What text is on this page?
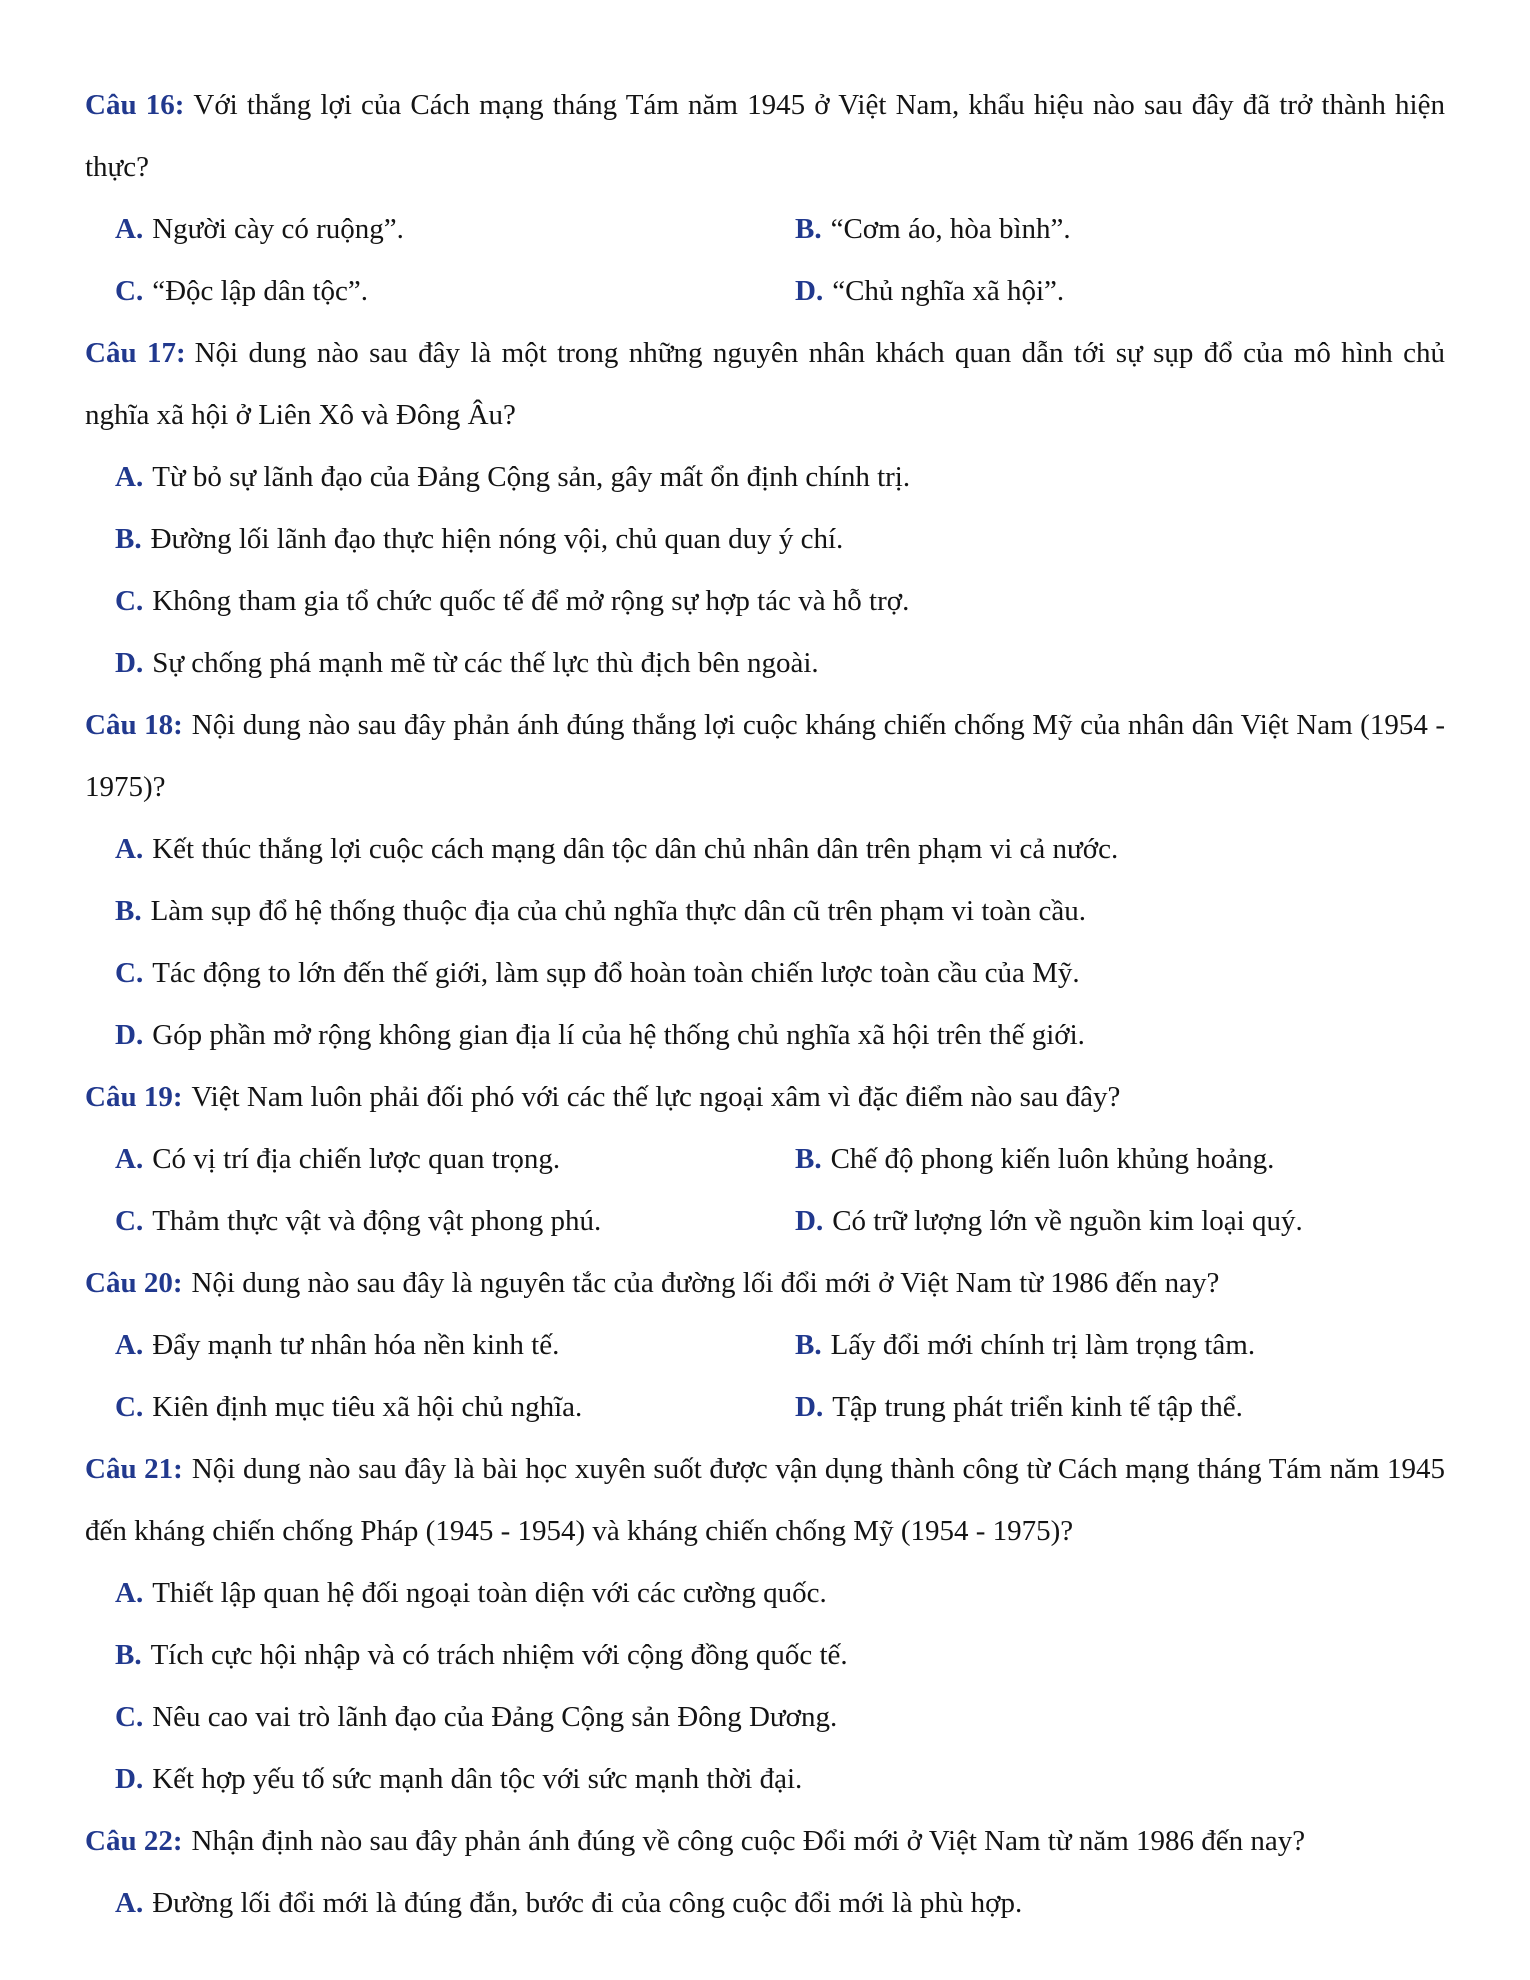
Câu 16: Với thắng lợi của Cách mạng tháng Tám năm 1945 ở Việt Nam, khẩu hiệu nào sau đây đã trở thành hiện thực?

A. Người cày có ruộng”.	B. “Cơm áo, hòa bình”.

C. “Độc lập dân tộc”.	D. “Chủ nghĩa xã hội”.

Câu 17: Nội dung nào sau đây là một trong những nguyên nhân khách quan dẫn tới sự sụp đổ của mô hình chủ nghĩa xã hội ở Liên Xô và Đông Âu?

A. Từ bỏ sự lãnh đạo của Đảng Cộng sản, gây mất ổn định chính trị.

B. Đường lối lãnh đạo thực hiện nóng vội, chủ quan duy ý chí.

C. Không tham gia tổ chức quốc tế để mở rộng sự hợp tác và hỗ trợ.

D. Sự chống phá mạnh mẽ từ các thế lực thù địch bên ngoài.

Câu 18: Nội dung nào sau đây phản ánh đúng thắng lợi cuộc kháng chiến chống Mỹ của nhân dân Việt Nam (1954 - 1975)?

A. Kết thúc thắng lợi cuộc cách mạng dân tộc dân chủ nhân dân trên phạm vi cả nước.

B. Làm sụp đổ hệ thống thuộc địa của chủ nghĩa thực dân cũ trên phạm vi toàn cầu.

C. Tác động to lớn đến thế giới, làm sụp đổ hoàn toàn chiến lược toàn cầu của Mỹ.

D. Góp phần mở rộng không gian địa lí của hệ thống chủ nghĩa xã hội trên thế giới.

Câu 19: Việt Nam luôn phải đối phó với các thế lực ngoại xâm vì đặc điểm nào sau đây?

A. Có vị trí địa chiến lược quan trọng.	B. Chế độ phong kiến luôn khủng hoảng.

C. Thảm thực vật và động vật phong phú.	D. Có trữ lượng lớn về nguồn kim loại quý.

Câu 20: Nội dung nào sau đây là nguyên tắc của đường lối đổi mới ở Việt Nam từ 1986 đến nay?

A. Đẩy mạnh tư nhân hóa nền kinh tế.	B. Lấy đổi mới chính trị làm trọng tâm.

C. Kiên định mục tiêu xã hội chủ nghĩa.	D. Tập trung phát triển kinh tế tập thể.

Câu 21: Nội dung nào sau đây là bài học xuyên suốt được vận dụng thành công từ Cách mạng tháng Tám năm 1945 đến kháng chiến chống Pháp (1945 - 1954) và kháng chiến chống Mỹ (1954 - 1975)?

A. Thiết lập quan hệ đối ngoại toàn diện với các cường quốc.

B. Tích cực hội nhập và có trách nhiệm với cộng đồng quốc tế.

C. Nêu cao vai trò lãnh đạo của Đảng Cộng sản Đông Dương.

D. Kết hợp yếu tố sức mạnh dân tộc với sức mạnh thời đại.

Câu 22: Nhận định nào sau đây phản ánh đúng về công cuộc Đổi mới ở Việt Nam từ năm 1986 đến nay?

A. Đường lối đổi mới là đúng đắn, bước đi của công cuộc đổi mới là phù hợp.
